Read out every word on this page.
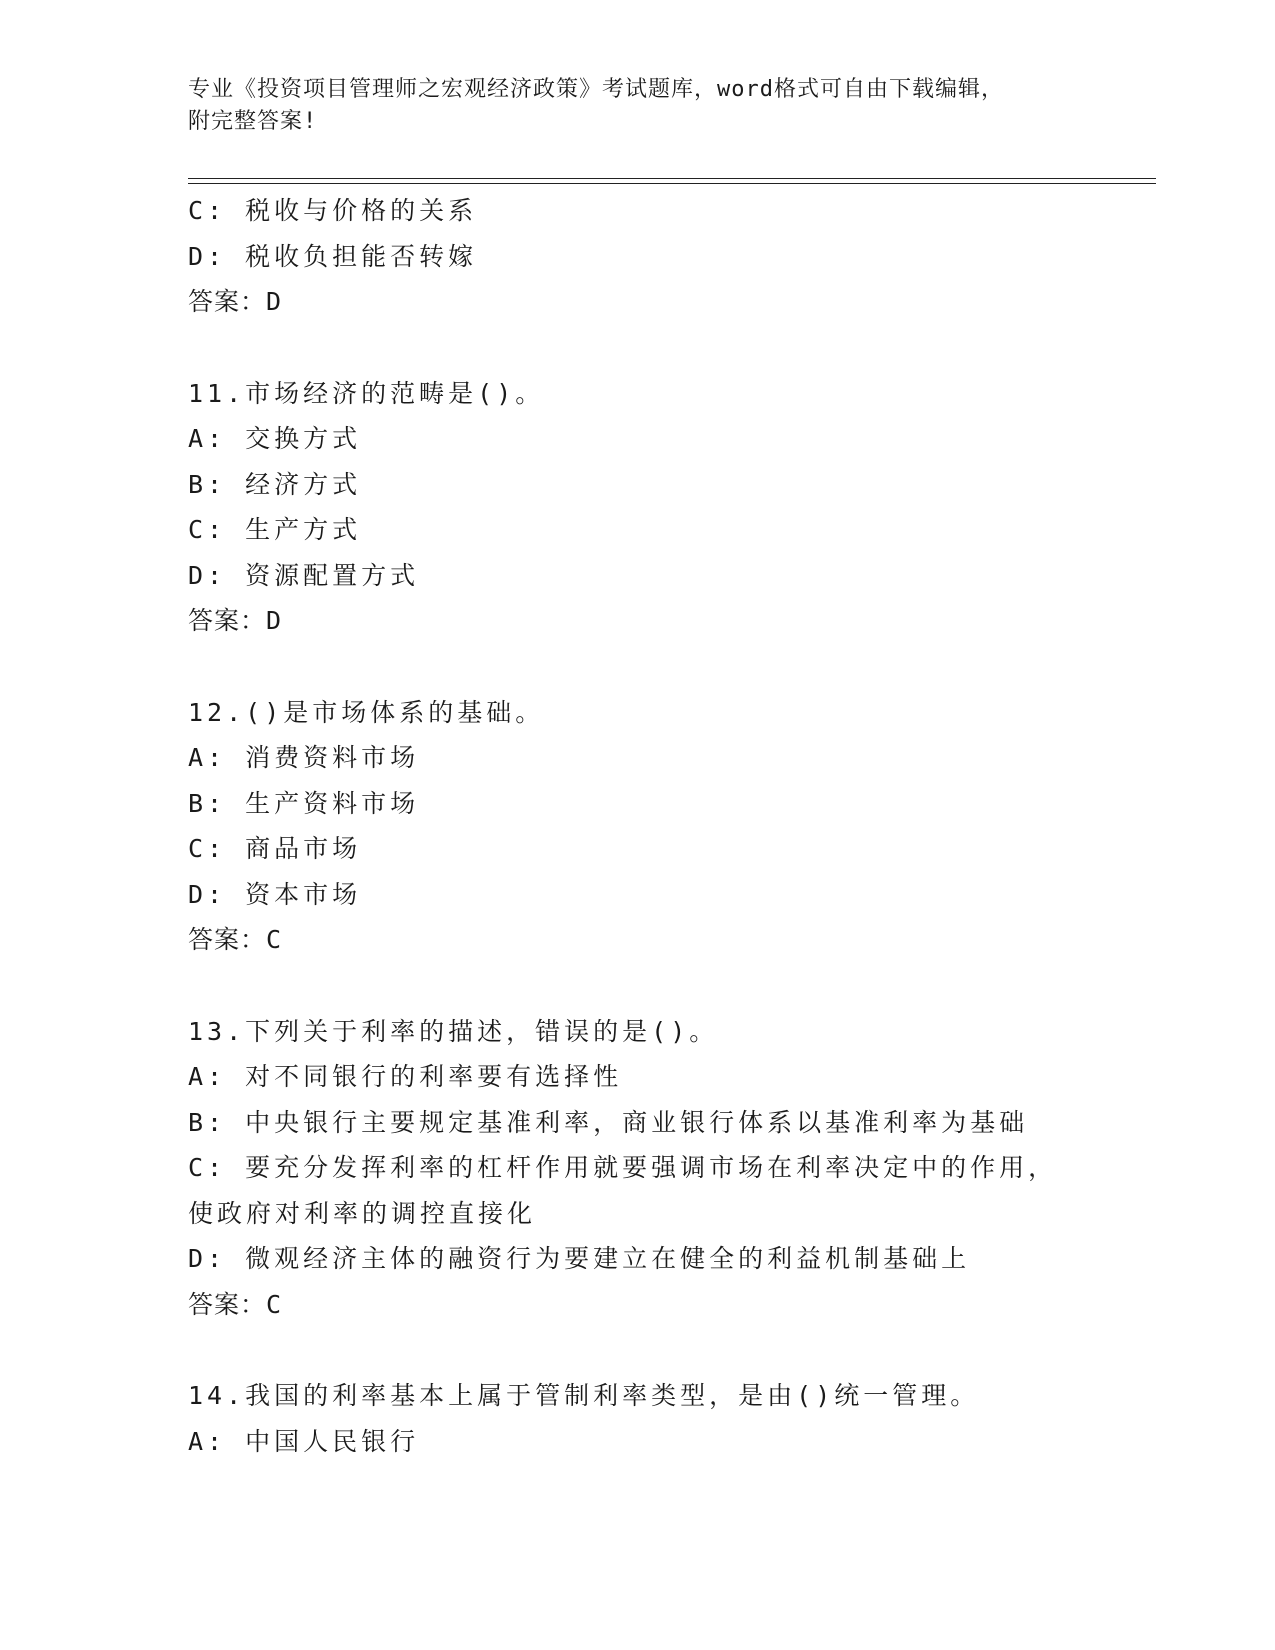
专业《投资项目管理师之宏观经济政策》考试题库，word格式可自由下载编辑，
附完整答案!
C: 税收与价格的关系
D: 税收负担能否转嫁
答案：D
11.市场经济的范畴是()。
A: 交换方式
B: 经济方式
C: 生产方式
D: 资源配置方式
答案：D
12.()是市场体系的基础。
A: 消费资料市场
B: 生产资料市场
C: 商品市场
D: 资本市场
答案：C
13.下列关于利率的描述，错误的是()。
A: 对不同银行的利率要有选择性
B: 中央银行主要规定基准利率，商业银行体系以基准利率为基础
C: 要充分发挥利率的杠杆作用就要强调市场在利率决定中的作用，使政府对利率的调控直接化
D: 微观经济主体的融资行为要建立在健全的利益机制基础上
答案：C
14.我国的利率基本上属于管制利率类型，是由()统一管理。
A: 中国人民银行
